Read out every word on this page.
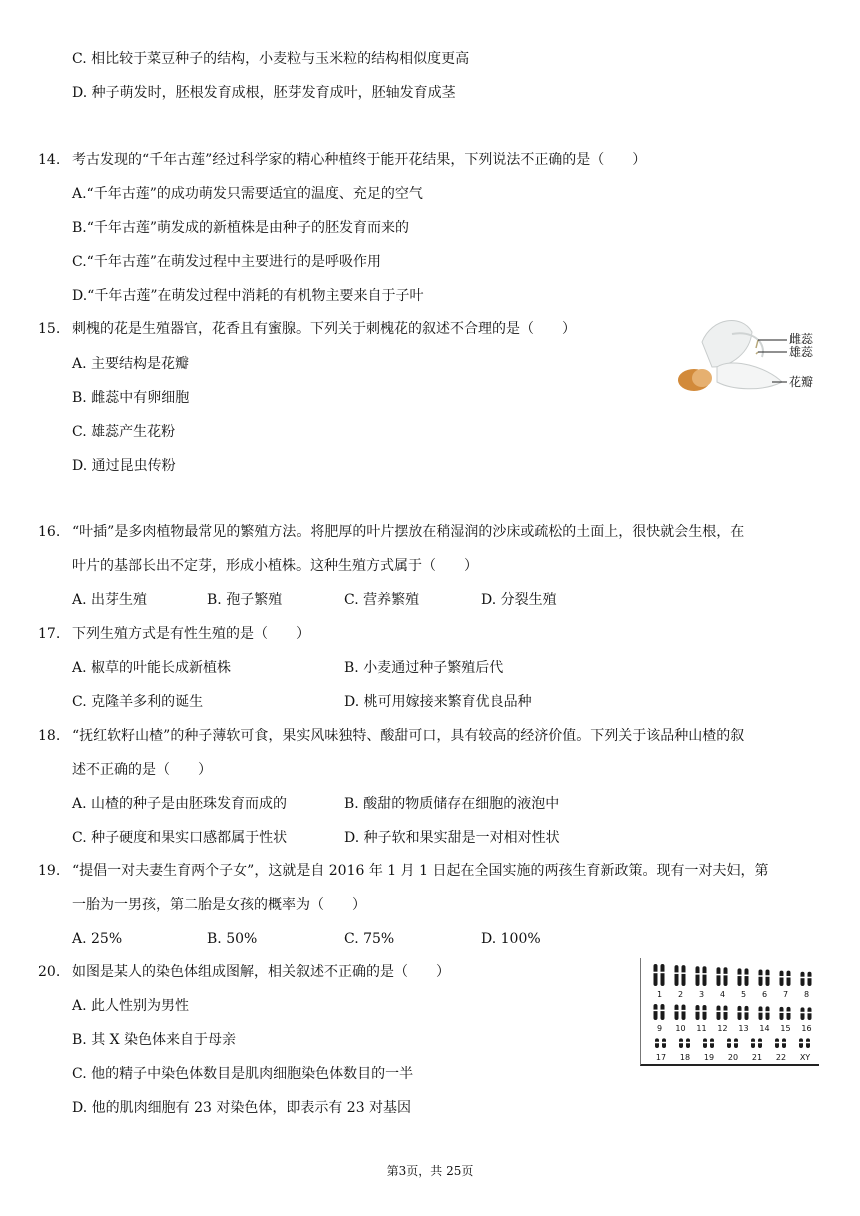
C. 相比较于菜豆种子的结构，小麦粒与玉米粒的结构相似度更高
D. 种子萌发时，胚根发育成根，胚芽发育成叶，胚轴发育成茎
14. 考古发现的“千年古莲”经过科学家的精心种植终于能开花结果，下列说法不正确的是（　　）
A.“千年古莲”的成功萌发只需要适宜的温度、充足的空气
B.“千年古莲”萌发成的新植株是由种子的胚发育而来的
C.“千年古莲”在萌发过程中主要进行的是呼吸作用
D.“千年古莲”在萌发过程中消耗的有机物主要来自于子叶
15. 刺槐的花是生殖器官，花香且有蜜腺。下列关于刺槐花的叙述不合理的是（　　）
A. 主要结构是花瓣
B. 雌蕊中有卵细胞
C. 雄蕊产生花粉
D. 通过昆虫传粉
雌蕊
雄蕊
花瓣
16. “叶插”是多肉植物最常见的繁殖方法。将肥厚的叶片摆放在稍湿润的沙床或疏松的土面上，很快就会生根，在
叶片的基部长出不定芽，形成小植株。这种生殖方式属于（　　）
A. 出芽生殖	B. 孢子繁殖	C. 营养繁殖	D. 分裂生殖
17. 下列生殖方式是有性生殖的是（　　）
A. 椒草的叶能长成新植株	B. 小麦通过种子繁殖后代
C. 克隆羊多利的诞生	D. 桃可用嫁接来繁育优良品种
18. “抚红软籽山楂”的种子薄软可食，果实风味独特、酸甜可口，具有较高的经济价值。下列关于该品种山楂的叙
述不正确的是（　　）
A. 山楂的种子是由胚珠发育而成的	B. 酸甜的物质储存在细胞的液泡中
C. 种子硬度和果实口感都属于性状	D. 种子软和果实甜是一对相对性状
19. “提倡一对夫妻生育两个子女”，这就是自 2016 年 1 月 1 日起在全国实施的两孩生育新政策。现有一对夫妇，第
一胎为一男孩，第二胎是女孩的概率为（　　）
A. 25%	B. 50%	C. 75%	D. 100%
20. 如图是某人的染色体组成图解，相关叙述不正确的是（　　）
A. 此人性别为男性
B. 其 X 染色体来自于母亲
C. 他的精子中染色体数目是肌肉细胞染色体数目的一半
D. 他的肌肉细胞有 23 对染色体，即表示有 23 对基因
1 2 3 4 5 6 7 8
9 10 11 12 13 14 15 16
17 18 19 20 21 22 XY
第3页，共 25页
